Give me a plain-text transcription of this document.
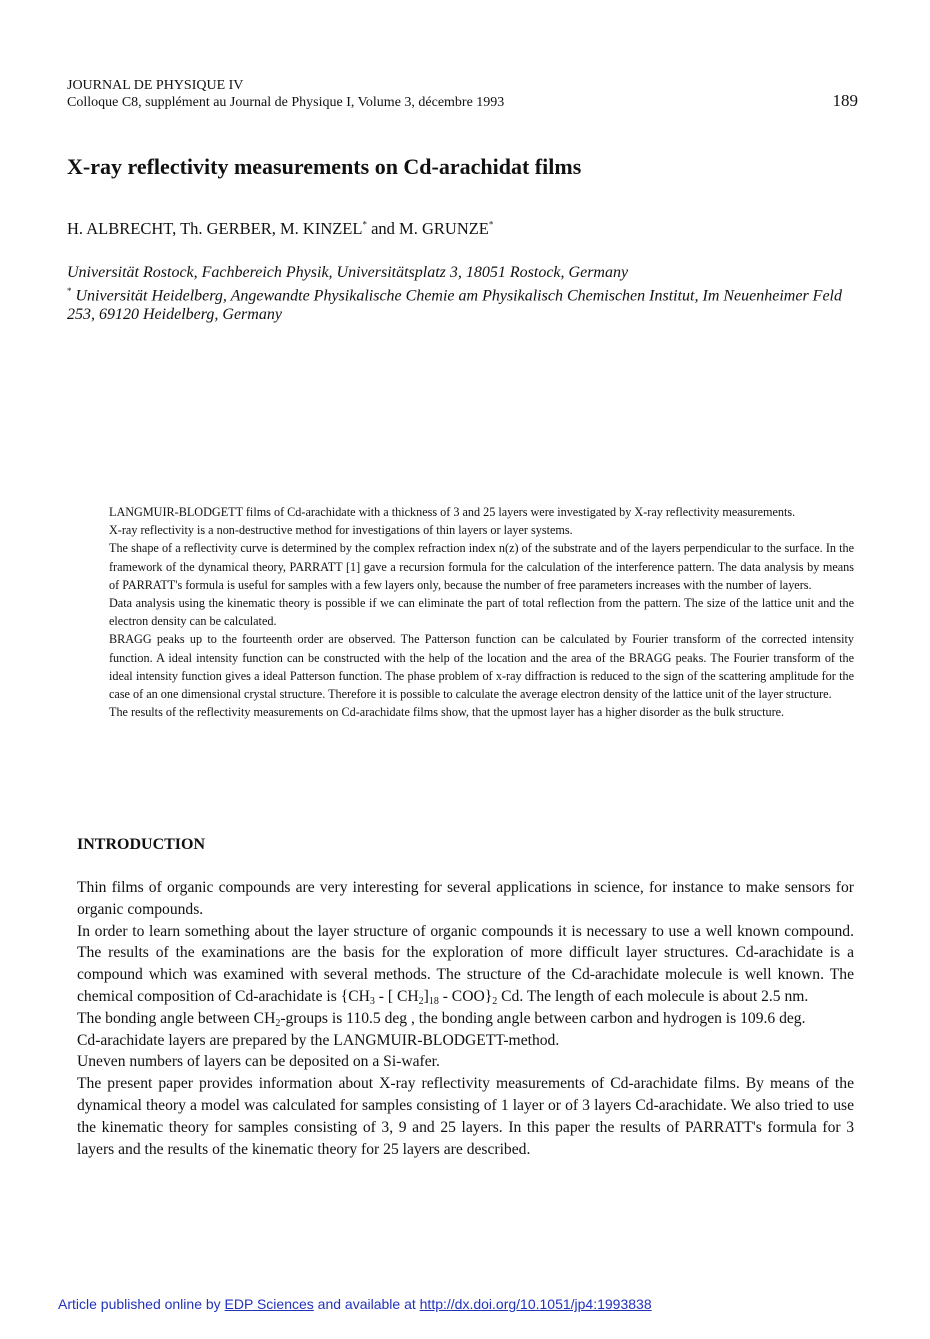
JOURNAL DE PHYSIQUE IV
Colloque C8, supplément au Journal de Physique I, Volume 3, décembre 1993	189
X-ray reflectivity measurements on Cd-arachidat films
H. ALBRECHT, Th. GERBER, M. KINZEL* and M. GRUNZE*

Universität Rostock, Fachbereich Physik, Universitätsplatz 3, 18051 Rostock, Germany

* Universität Heidelberg, Angewandte Physikalische Chemie am Physikalisch Chemischen Institut, Im Neuenheimer Feld 253, 69120 Heidelberg, Germany

LANGMUIR-BLODGETT films of Cd-arachidate with a thickness of 3 and 25 layers were investigated by X-ray reflectivity measurements.

X-ray reflectivity is a non-destructive method for investigations of thin layers or layer systems.

The shape of a reflectivity curve is determined by the complex refraction index n(z) of the substrate and of the layers perpendicular to the surface. In the framework of the dynamical theory, PARRATT [1] gave a recursion formula for the calculation of the interference pattern. The data analysis by means of PARRATT's formula is useful for samples with a few layers only, because the number of free parameters increases with the number of layers.

Data analysis using the kinematic theory is possible if we can eliminate the part of total reflection from the pattern. The size of the lattice unit and the electron density can be calculated.

BRAGG peaks up to the fourteenth order are observed. The Patterson function can be calculated by Fourier transform of the corrected intensity function. A ideal intensity function can be constructed with the help of the location and the area of the BRAGG peaks. The Fourier transform of the ideal intensity function gives a ideal Patterson function. The phase problem of x-ray diffraction is reduced to the sign of the scattering amplitude for the case of an one dimensional crystal structure. Therefore it is possible to calculate the average electron density of the lattice unit of the layer structure.

The results of the reflectivity measurements on Cd-arachidate films show, that the upmost layer has a higher disorder as the bulk structure.

INTRODUCTION

Thin films of organic compounds are very interesting for several applications in science, for instance to make sensors for organic compounds.

In order to learn something about the layer structure of organic compounds it is necessary to use a well known compound. The results of the examinations are the basis for the exploration of more difficult layer structures. Cd-arachidate is a compound which was examined with several methods. The structure of the Cd-arachidate molecule is well known. The chemical composition of Cd-arachidate is {$CH_3$ - [ $CH_2]_{18} - COO\}_2$ Cd. The length of each molecule is about 2.5 nm.

The bonding angle between $CH_2$-groups is 110.5 deg , the bonding angle between carbon and hydrogen is 109.6 deg.

Cd-arachidate layers are prepared by the LANGMUIR-BLODGETT-method.

Uneven numbers of layers can be deposited on a Si-wafer.

The present paper provides information about X-ray reflectivity measurements of Cd-arachidate films. By means of the dynamical theory a model was calculated for samples consisting of 1 layer or of 3 layers Cd-arachidate. We also tried to use the kinematic theory for samples consisting of 3, 9 and 25 layers. In this paper the results of PARRATT's formula for 3 layers and the results of the kinematic theory for 25 layers are described.

Article published online by EDP Sciences and available at http://dx.doi.org/10.1051/jp4:1993838
